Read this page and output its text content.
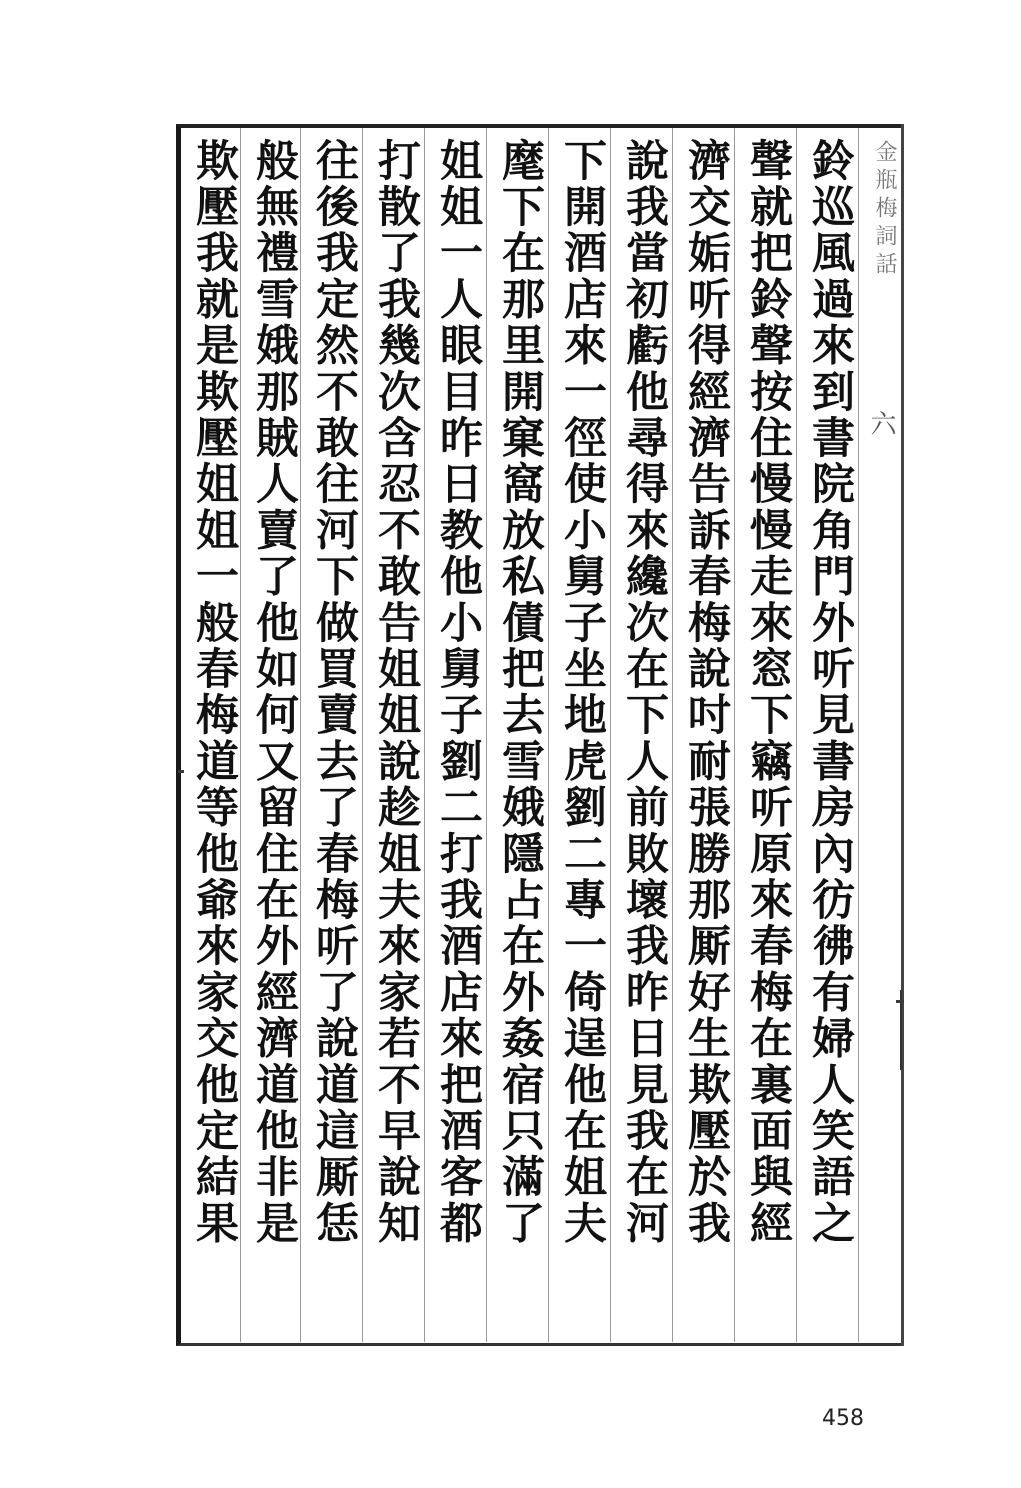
金瓶梅詞話
六
鈴巡風過來到書院角門外听見書房內彷彿有婦人笑語之
聲就把鈴聲按住慢慢走來窓下竊听原來春梅在裏面與經
濟交姤听得經濟告訴春梅說吋耐張勝那厮好生欺壓於我
說我當初虧他尋得來纔次在下人前敗壞我昨日見我在河
下開酒店來一徑使小舅子坐地虎劉二專一倚逞他在姐夫
麾下在那里開窠窩放私債把去雪娥隱占在外姦宿只滿了
姐姐一人眼目昨日教他小舅子劉二打我酒店來把酒客都
打散了我幾次含忍不敢告姐姐說趁姐夫來家若不早說知
往後我定然不敢往河下做買賣去了春梅听了說道這厮恁
般無禮雪娥那賊人賣了他如何又留住在外經濟道他非是
欺壓我就是欺壓姐姐一般春梅道等他爺來家交他定結果
458
